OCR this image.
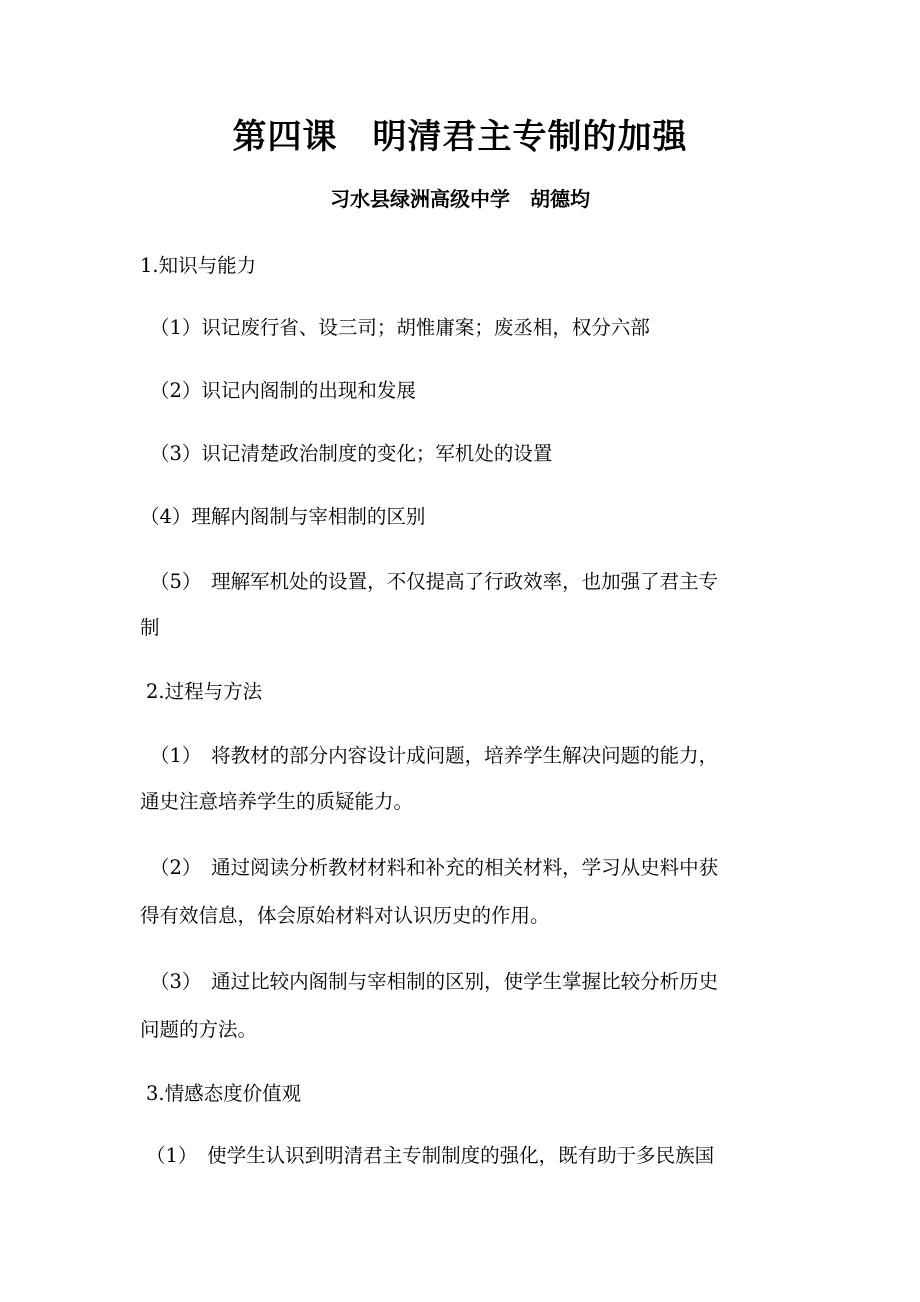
第四课　明清君主专制的加强
习水县绿洲高级中学　胡德均
1.知识与能力
（1）识记废行省、设三司；胡惟庸案；废丞相，权分六部
（2）识记内阁制的出现和发展
（3）识记清楚政治制度的变化；军机处的设置
（4）理解内阁制与宰相制的区别
（5）　理解军机处的设置，不仅提高了行政效率，也加强了君主专
制
2.过程与方法
（1）　将教材的部分内容设计成问题，培养学生解决问题的能力，
通史注意培养学生的质疑能力。
（2）　通过阅读分析教材材料和补充的相关材料，学习从史料中获
得有效信息，体会原始材料对认识历史的作用。
（3）　通过比较内阁制与宰相制的区别，使学生掌握比较分析历史
问题的方法。
3.情感态度价值观
（1）　使学生认识到明清君主专制制度的强化，既有助于多民族国
